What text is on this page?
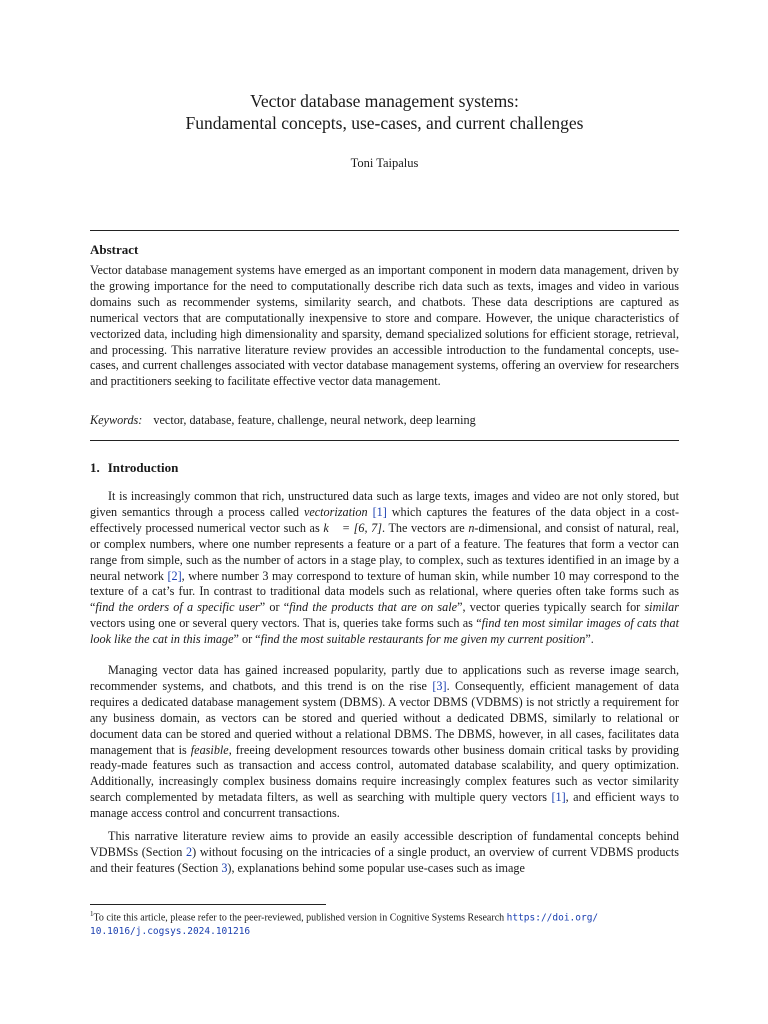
Vector database management systems:
Fundamental concepts, use-cases, and current challenges
Toni Taipalus
Abstract

Vector database management systems have emerged as an important component in modern data management, driven by the growing importance for the need to computationally describe rich data such as texts, images and video in various domains such as recommender systems, similarity search, and chatbots. These data descriptions are captured as numerical vectors that are computationally inexpensive to store and compare. However, the unique characteristics of vectorized data, including high dimensionality and sparsity, demand specialized solutions for efficient storage, retrieval, and processing. This narrative literature review provides an accessible introduction to the fundamental concepts, use-cases, and current challenges associated with vector database management systems, offering an overview for researchers and practitioners seeking to facilitate effective vector data management.

Keywords: vector, database, feature, challenge, neural network, deep learning
1. Introduction

It is increasingly common that rich, unstructured data such as large texts, images and video are not only stored, but given semantics through a process called vectorization [1] which captures the features of the data object in a cost-effectively processed numerical vector such as k⃗ = [6, 7]. The vectors are n-dimensional, and consist of natural, real, or complex numbers, where one number represents a feature or a part of a feature. The features that form a vector can range from simple, such as the number of actors in a stage play, to complex, such as textures identified in an image by a neural network [2], where number 3 may correspond to texture of human skin, while number 10 may correspond to the texture of a cat’s fur. In contrast to traditional data models such as relational, where queries often take forms such as “find the orders of a specific user” or “find the products that are on sale”, vector queries typically search for similar vectors using one or several query vectors. That is, queries take forms such as “find ten most similar images of cats that look like the cat in this image” or “find the most suitable restaurants for me given my current position”.

Managing vector data has gained increased popularity, partly due to applications such as reverse image search, recommender systems, and chatbots, and this trend is on the rise [3]. Consequently, efficient management of data requires a dedicated database management system (DBMS). A vector DBMS (VDBMS) is not strictly a requirement for any business domain, as vectors can be stored and queried without a dedicated DBMS, similarly to relational or document data can be stored and queried without a relational DBMS. The DBMS, however, in all cases, facilitates data management that is feasible, freeing development resources towards other business domain critical tasks by providing ready-made features such as transaction and access control, automated database scalability, and query optimization. Additionally, increasingly complex business domains require increasingly complex features such as vector similarity search complemented by metadata filters, as well as searching with multiple query vectors [1], and efficient ways to manage access control and concurrent transactions.

This narrative literature review aims to provide an easily accessible description of fundamental concepts behind VDBMSs (Section 2) without focusing on the intricacies of a single product, an overview of current VDBMS products and their features (Section 3), explanations behind some popular use-cases such as image

$^1$To cite this article, please refer to the peer-reviewed, published version in Cognitive Systems Research https://doi.org/
10.1016/j.cogsys.2024.101216
